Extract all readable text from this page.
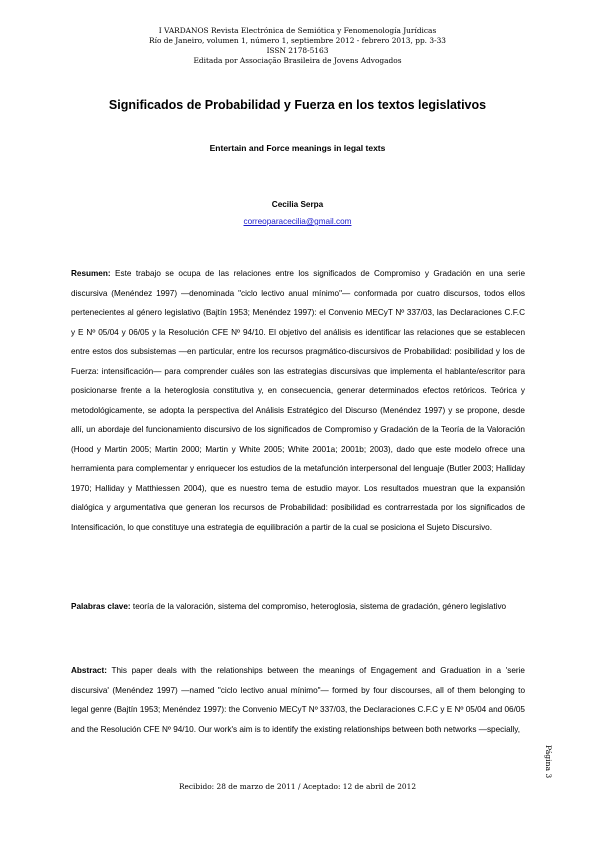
I VARDANOS Revista Electrónica de Semiótica y Fenomenología Jurídicas
Río de Janeiro, volumen 1, número 1, septiembre 2012 - febrero 2013, pp. 3-33
ISSN 2178-5163
Editada por Associação Brasileira de Jovens Advogados
Significados de Probabilidad y Fuerza en los textos legislativos
Entertain and Force meanings in legal texts
Cecilia Serpa
correoparacecilia@gmail.com

Resumen: Este trabajo se ocupa de las relaciones entre los significados de Compromiso y Gradación en una serie discursiva (Menéndez 1997) —denominada "ciclo lectivo anual mínimo"— conformada por cuatro discursos, todos ellos pertenecientes al género legislativo (Bajtín 1953; Menéndez 1997): el Convenio MECyT Nº 337/03, las Declaraciones C.F.C y E Nº 05/04 y 06/05 y la Resolución CFE Nº 94/10. El objetivo del análisis es identificar las relaciones que se establecen entre estos dos subsistemas —en particular, entre los recursos pragmático-discursivos de Probabilidad: posibilidad y los de Fuerza: intensificación— para comprender cuáles son las estrategias discursivas que implementa el hablante/escritor para posicionarse frente a la heteroglosia constitutiva y, en consecuencia, generar determinados efectos retóricos. Teórica y metodológicamente, se adopta la perspectiva del Análisis Estratégico del Discurso (Menéndez 1997) y se propone, desde allí, un abordaje del funcionamiento discursivo de los significados de Compromiso y Gradación de la Teoría de la Valoración (Hood y Martin 2005; Martin 2000; Martin y White 2005; White 2001a; 2001b; 2003), dado que este modelo ofrece una herramienta para complementar y enriquecer los estudios de la metafunción interpersonal del lenguaje (Butler 2003; Halliday 1970; Halliday y Matthiessen 2004), que es nuestro tema de estudio mayor. Los resultados muestran que la expansión dialógica y argumentativa que generan los recursos de Probabilidad: posibilidad es contrarrestada por los significados de Intensificación, lo que constituye una estrategia de equilibración a partir de la cual se posiciona el Sujeto Discursivo.

Palabras clave: teoría de la valoración, sistema del compromiso, heteroglosia, sistema de gradación, género legislativo

Abstract: This paper deals with the relationships between the meanings of Engagement and Graduation in a 'serie discursiva' (Menéndez 1997) —named "ciclo lectivo anual mínimo"— formed by four discourses, all of them belonging to legal genre (Bajtín 1953; Menéndez 1997): the Convenio MECyT Nº 337/03, the Declaraciones C.F.C y E Nº 05/04 and 06/05 and the Resolución CFE Nº 94/10. Our work's aim is to identify the existing relationships between both networks —specially,

Recibido: 28 de marzo de 2011 / Aceptado: 12 de abril de 2012
Página 3
